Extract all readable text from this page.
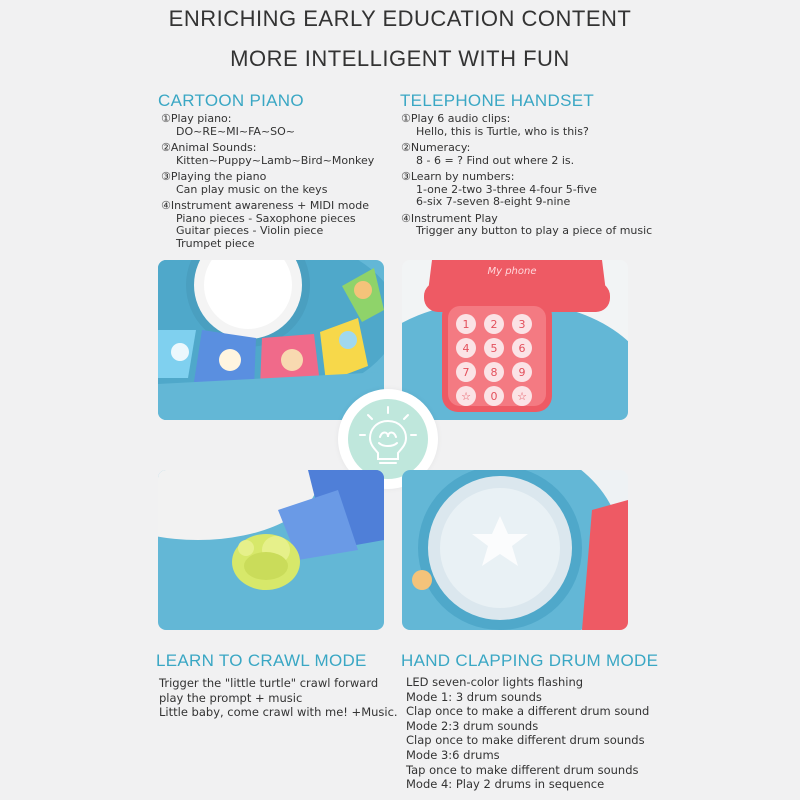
ENRICHING EARLY EDUCATION CONTENT
MORE INTELLIGENT WITH FUN
CARTOON PIANO
①Play piano:
DO~RE~MI~FA~SO~
②Animal Sounds:
Kitten~Puppy~Lamb~Bird~Monkey
③Playing the piano
Can play music on the keys
④Instrument awareness + MIDI mode
Piano pieces - Saxophone pieces
Guitar pieces - Violin piece
Trumpet piece
TELEPHONE HANDSET
①Play 6 audio clips:
Hello, this is Turtle, who is this?
②Numeracy:
8 - 6 = ? Find out where 2 is.
③Learn by numbers:
1-one 2-two 3-three 4-four 5-five
6-six 7-seven 8-eight 9-nine
④Instrument Play
Trigger any button to play a piece of music
1 2 3
4 5 6
7 8 9
☆ 0 ☆
My phone
LEARN TO CRAWL MODE
Trigger the "little turtle" crawl forward
play the prompt + music
Little baby, come crawl with me! +Music.
HAND CLAPPING DRUM MODE
LED seven-color lights flashing
Mode 1: 3 drum sounds
Clap once to make a different drum sound
Mode 2:3 drum sounds
Clap once to make different drum sounds
Mode 3:6 drums
Tap once to make different drum sounds
Mode 4: Play 2 drums in sequence
